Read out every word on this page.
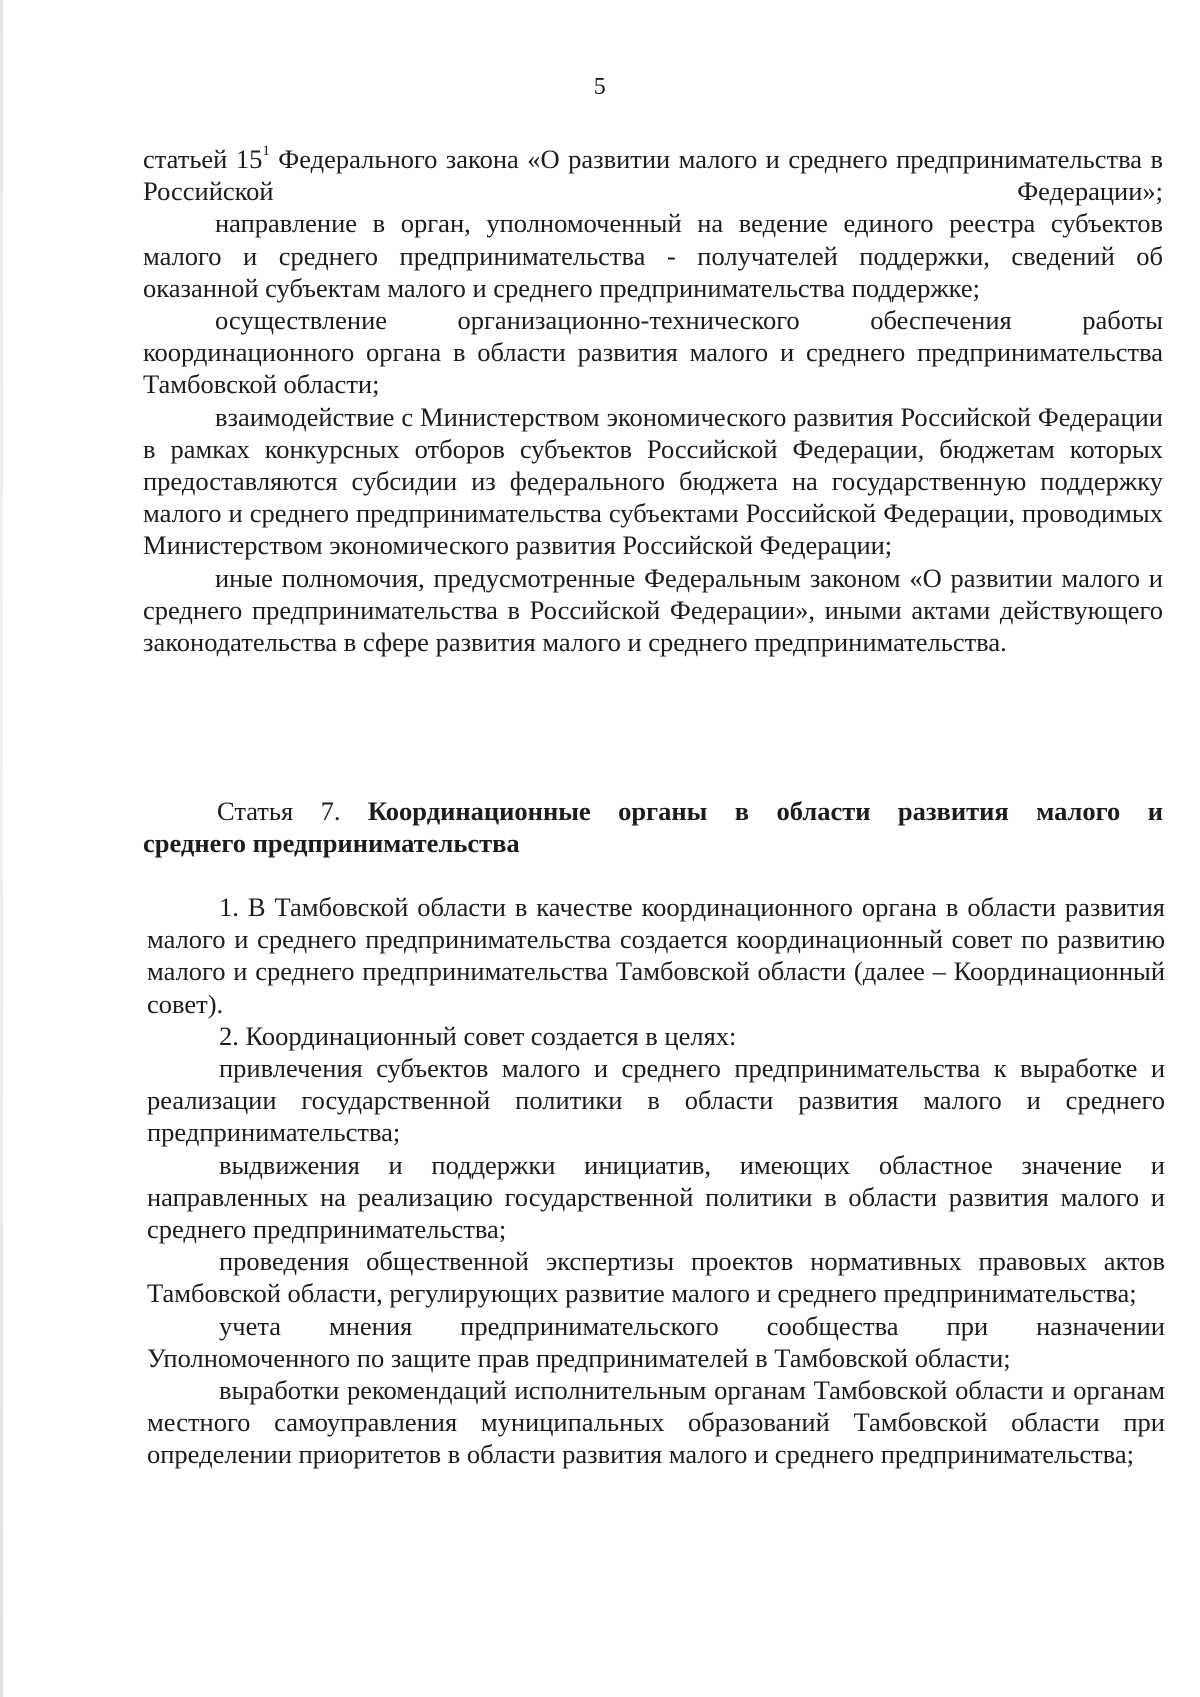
5

статьей $15^1$ Федерального закона «О развитии малого и среднего предпринимательства в Российской Федерации»;

направление в орган, уполномоченный на ведение единого реестра субъектов малого и среднего предпринимательства - получателей поддержки, сведений об оказанной субъектам малого и среднего предпринимательства поддержке;

осуществление организационно-технического обеспечения работы координационного органа в области развития малого и среднего предпринимательства Тамбовской области;

взаимодействие с Министерством экономического развития Российской Федерации в рамках конкурсных отборов субъектов Российской Федерации, бюджетам которых предоставляются субсидии из федерального бюджета на государственную поддержку малого и среднего предпринимательства субъектами Российской Федерации, проводимых Министерством экономического развития Российской Федерации;

иные полномочия, предусмотренные Федеральным законом «О развитии малого и среднего предпринимательства в Российской Федерации», иными актами действующего законодательства в сфере развития малого и среднего предпринимательства.

Статья 7. Координационные органы в области развития малого и
среднего предпринимательства

1. В Тамбовской области в качестве координационного органа в области развития малого и среднего предпринимательства создается координационный совет по развитию малого и среднего предпринимательства Тамбовской области (далее – Координационный совет).

2. Координационный совет создается в целях:

привлечения субъектов малого и среднего предпринимательства к выработке и реализации государственной политики в области развития малого и среднего предпринимательства;

выдвижения и поддержки инициатив, имеющих областное значение и направленных на реализацию государственной политики в области развития малого и среднего предпринимательства;

проведения общественной экспертизы проектов нормативных правовых актов Тамбовской области, регулирующих развитие малого и среднего предпринимательства;

учета мнения предпринимательского сообщества при назначении Уполномоченного по защите прав предпринимателей в Тамбовской области;

выработки рекомендаций исполнительным органам Тамбовской области и органам местного самоуправления муниципальных образований Тамбовской области при определении приоритетов в области развития малого и среднего предпринимательства;
